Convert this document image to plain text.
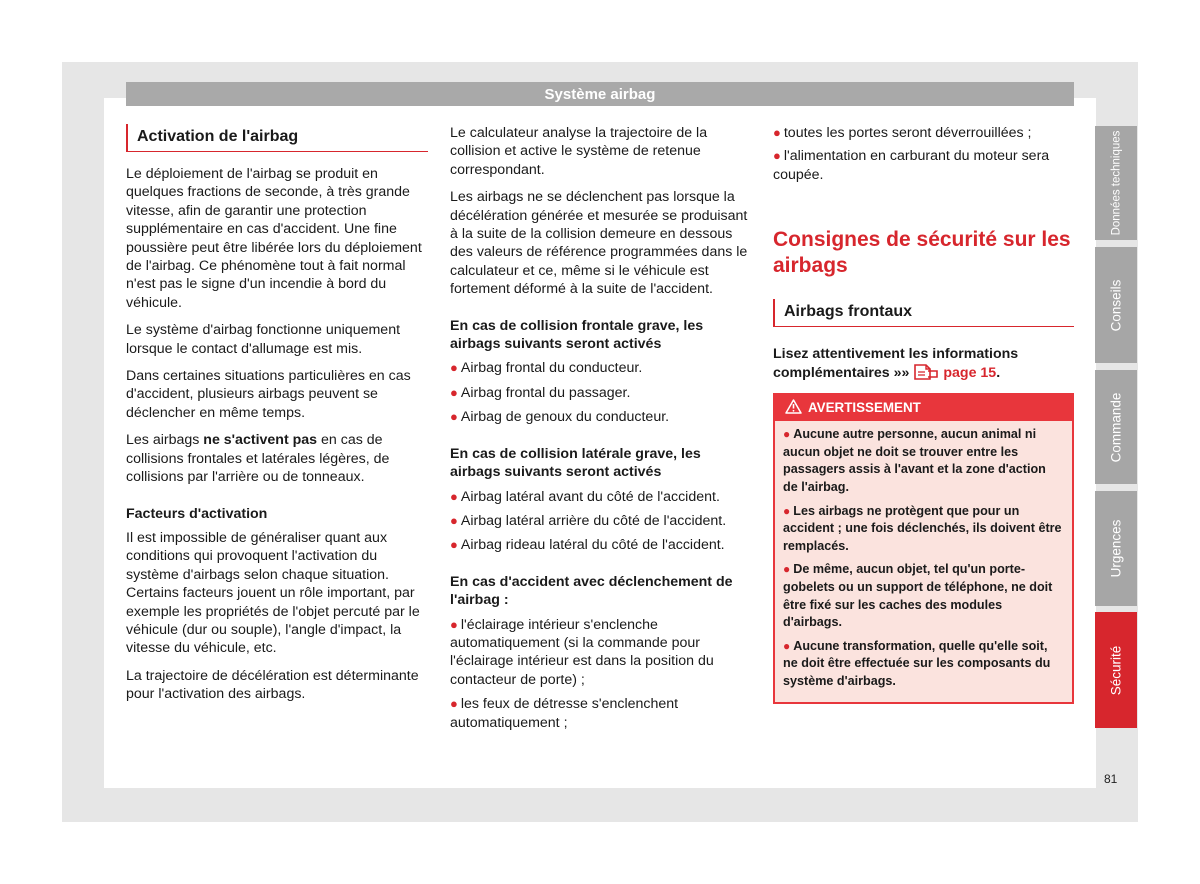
Système airbag
Activation de l'airbag

Le déploiement de l'airbag se produit en quelques fractions de seconde, à très grande vitesse, afin de garantir une protection supplémentaire en cas d'accident. Une fine poussière peut être libérée lors du déploiement de l'airbag. Ce phénomène tout à fait normal n'est pas le signe d'un incendie à bord du véhicule.

Le système d'airbag fonctionne uniquement lorsque le contact d'allumage est mis.

Dans certaines situations particulières en cas d'accident, plusieurs airbags peuvent se déclencher en même temps.

Les airbags ne s'activent pas en cas de collisions frontales et latérales légères, de collisions par l'arrière ou de tonneaux.

Facteurs d'activation

Il est impossible de généraliser quant aux conditions qui provoquent l'activation du système d'airbags selon chaque situation. Certains facteurs jouent un rôle important, par exemple les propriétés de l'objet percuté par le véhicule (dur ou souple), l'angle d'impact, la vitesse du véhicule, etc.

La trajectoire de décélération est déterminante pour l'activation des airbags.

Le calculateur analyse la trajectoire de la collision et active le système de retenue correspondant.

Les airbags ne se déclenchent pas lorsque la décélération générée et mesurée se produisant à la suite de la collision demeure en dessous des valeurs de référence programmées dans le calculateur et ce, même si le véhicule est fortement déformé à la suite de l'accident.

En cas de collision frontale grave, les airbags suivants seront activés
● Airbag frontal du conducteur.
● Airbag frontal du passager.
● Airbag de genoux du conducteur.
En cas de collision latérale grave, les airbags suivants seront activés
● Airbag latéral avant du côté de l'accident.
● Airbag latéral arrière du côté de l'accident.
● Airbag rideau latéral du côté de l'accident.
En cas d'accident avec déclenchement de l'airbag :
● l'éclairage intérieur s'enclenche automatiquement (si la commande pour l'éclairage intérieur est dans la position du contacteur de porte) ;
● les feux de détresse s'enclenchent automatiquement ;
● toutes les portes seront déverrouillées ;
● l'alimentation en carburant du moteur sera coupée.
Consignes de sécurité sur les airbags
Airbags frontaux
Lisez attentivement les informations complémentaires »» page 15.
AVERTISSEMENT
● Aucune autre personne, aucun animal ni aucun objet ne doit se trouver entre les passagers assis à l'avant et la zone d'action de l'airbag.
● Les airbags ne protègent que pour un accident ; une fois déclenchés, ils doivent être remplacés.
● De même, aucun objet, tel qu'un porte-gobelets ou un support de téléphone, ne doit être fixé sur les caches des modules d'airbags.
● Aucune transformation, quelle qu'elle soit, ne doit être effectuée sur les composants du système d'airbags.
Données techniques
Conseils
Commande
Urgences
Sécurité
81
